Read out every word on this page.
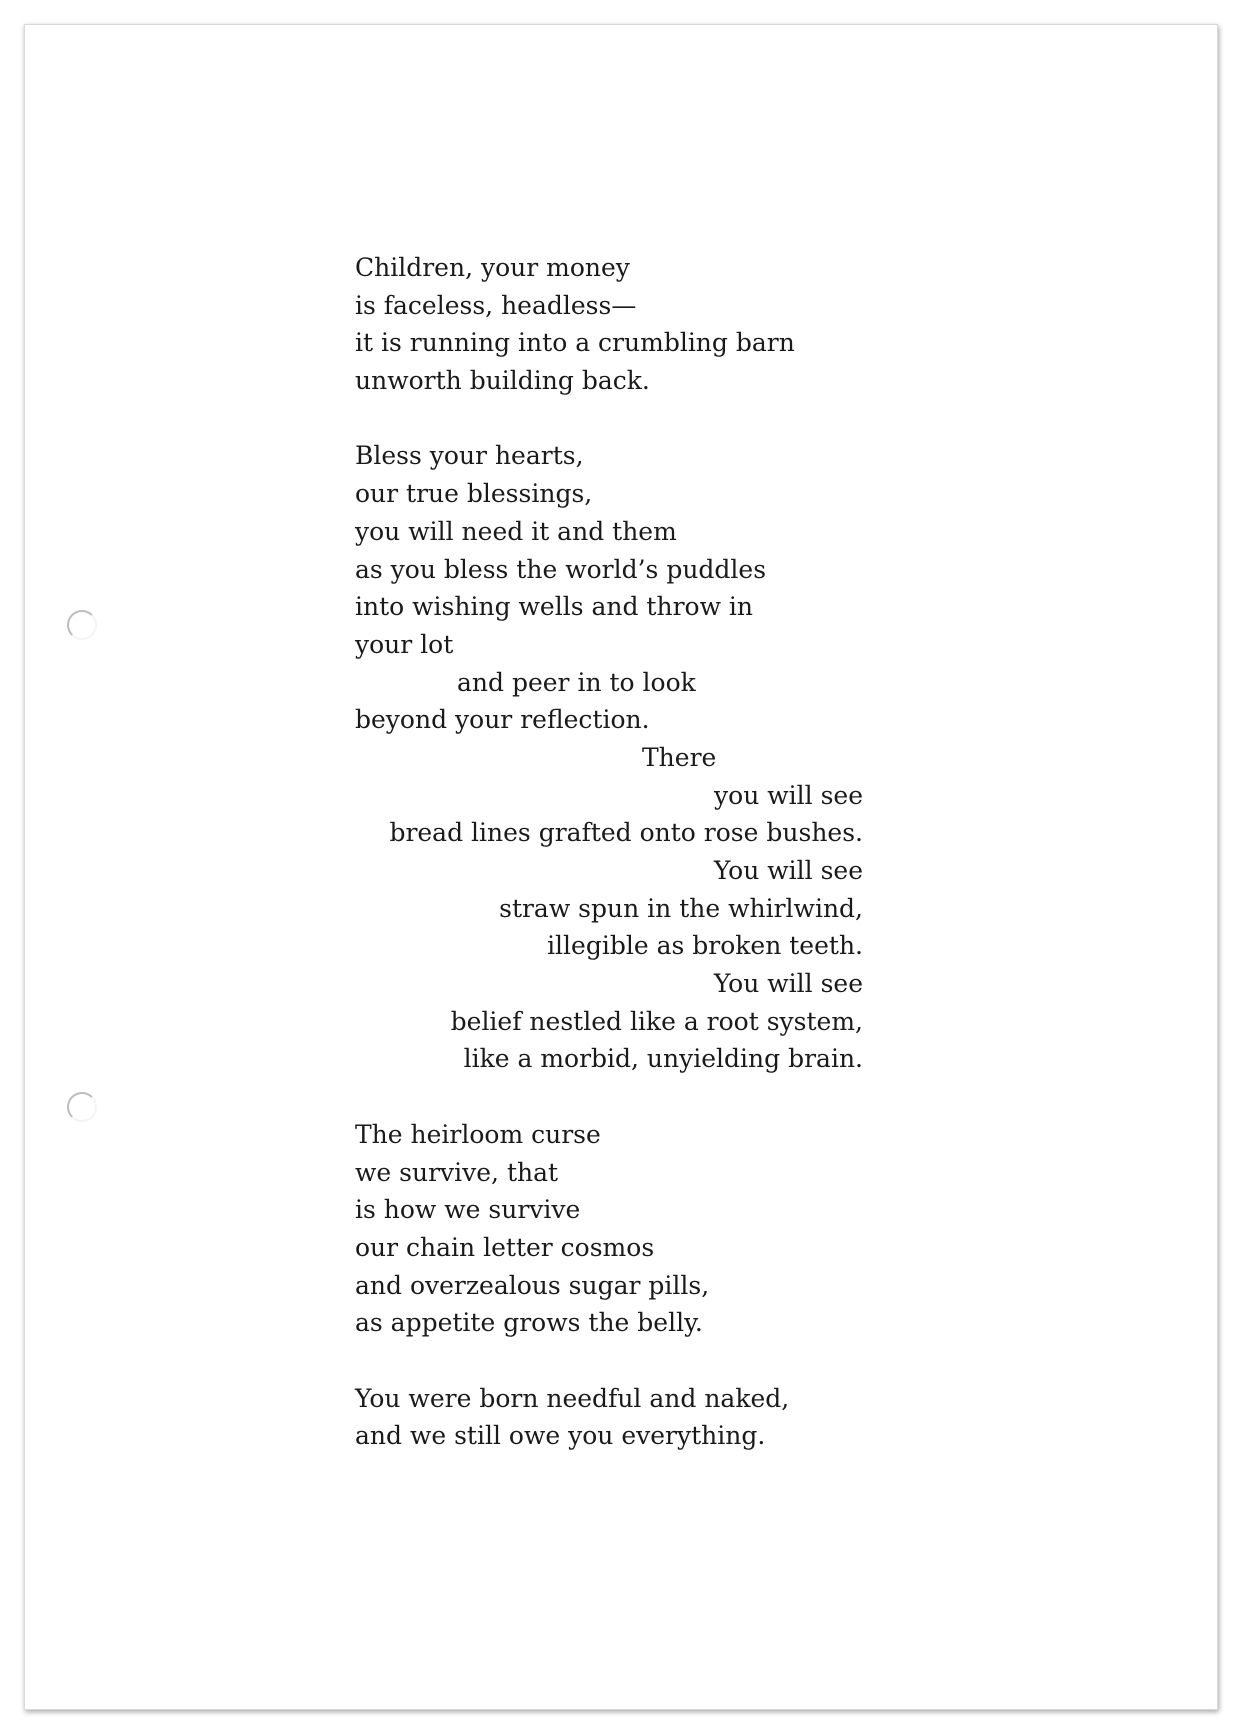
Children, your money
is faceless, headless—
it is running into a crumbling barn
unworth building back.
Bless your hearts,
our true blessings,
you will need it and them
as you bless the world’s puddles
into wishing wells and throw in
your lot
and peer in to look
beyond your reflection.
There
you will see
bread lines grafted onto rose bushes.
You will see
straw spun in the whirlwind,
illegible as broken teeth.
You will see
belief nestled like a root system,
like a morbid, unyielding brain.
The heirloom curse
we survive, that
is how we survive
our chain letter cosmos
and overzealous sugar pills,
as appetite grows the belly.
You were born needful and naked,
and we still owe you everything.
